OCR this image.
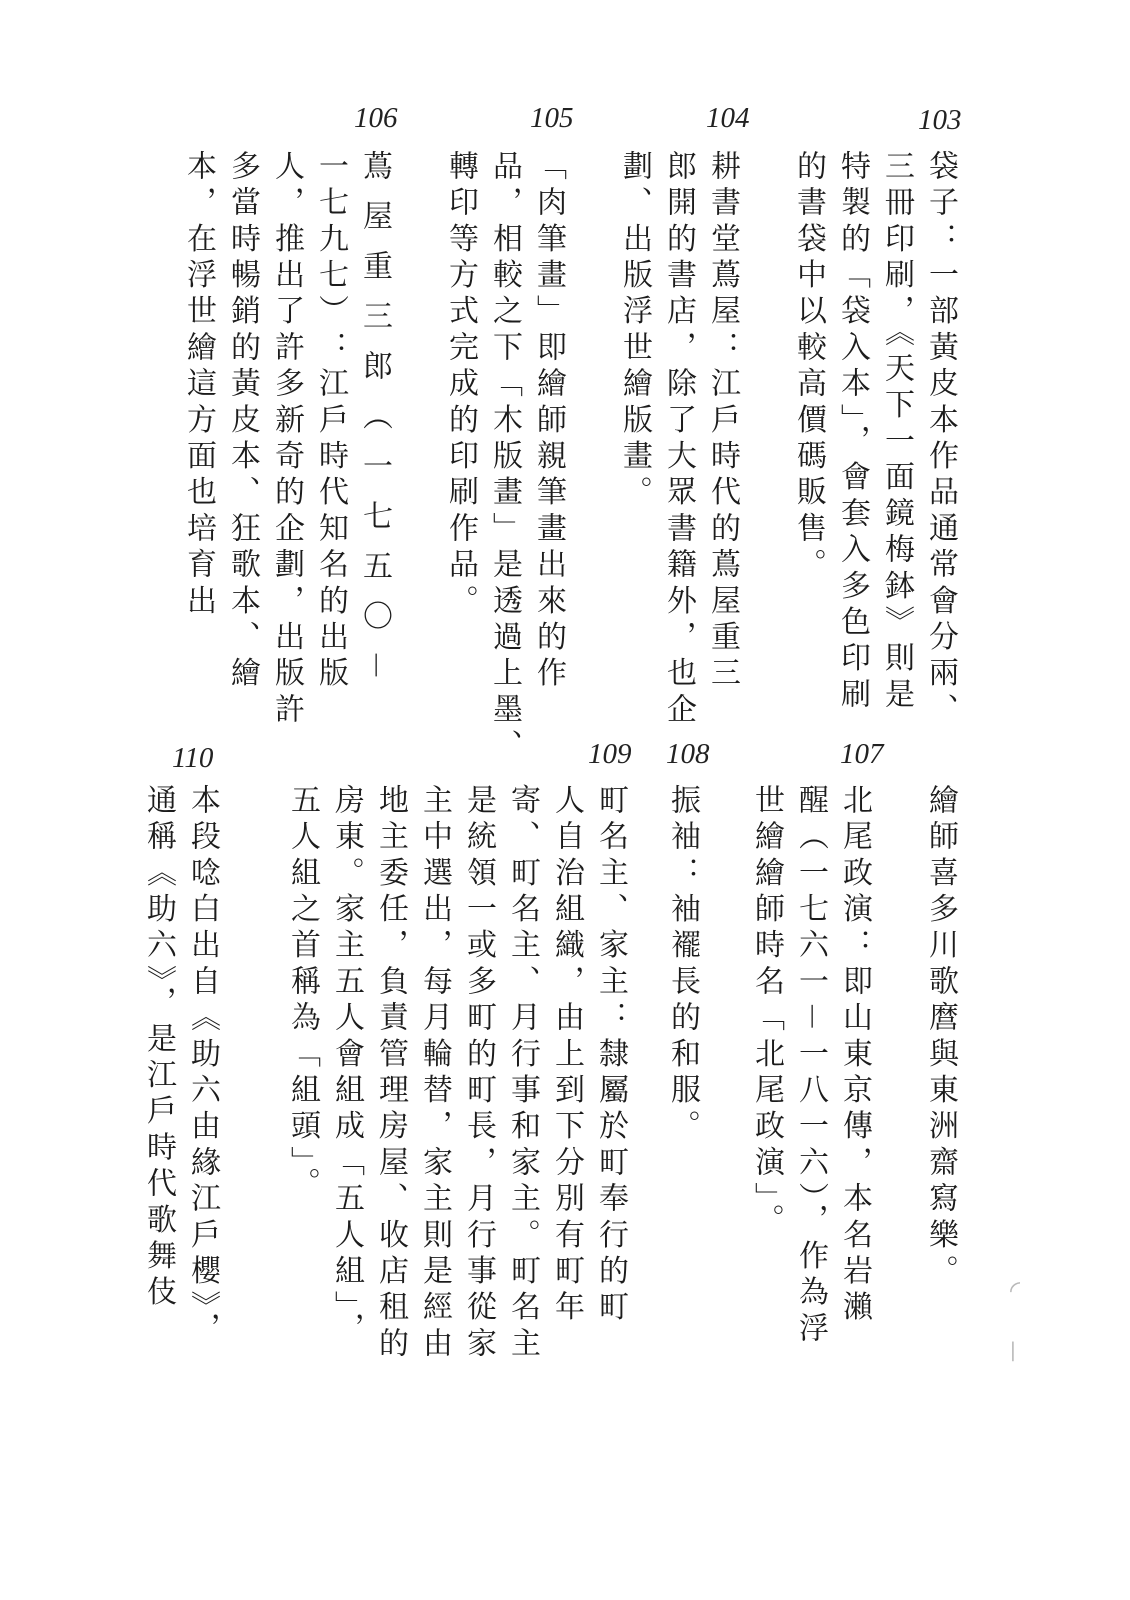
103
104
105
106
袋子：一部黃皮本作品通常會分兩、
三冊印刷，《天下一面鏡梅鉢》則是
特製的「袋入本」，會套入多色印刷
的書袋中以較高價碼販售。
耕書堂蔦屋：江戶時代的蔦屋重三
郎開的書店，除了大眾書籍外，也企
劃、出版浮世繪版畫。
「肉筆畫」即繪師親筆畫出來的作
品，相較之下「木版畫」是透過上墨、
轉印等方式完成的印刷作品。
蔦屋重三郎（一七五〇－
一七九七）：江戶時代知名的出版
人，推出了許多新奇的企劃，出版許
多當時暢銷的黃皮本、狂歌本、繪
本，在浮世繪這方面也培育出
107
108
109
110
繪師喜多川歌麿與東洲齋寫樂。
北尾政演：即山東京傳，本名岩瀨
醒（一七六一－一八一六），作為浮
世繪繪師時名「北尾政演」。
振袖：袖襬長的和服。
町名主、家主：隸屬於町奉行的町
人自治組織，由上到下分別有町年
寄、町名主、月行事和家主。町名主
是統領一或多町的町長，月行事從家
主中選出，每月輪替，家主則是經由
地主委任，負責管理房屋、收店租的
房東。家主五人會組成「五人組」，
五人組之首稱為「組頭」。
本段唸白出自《助六由緣江戶櫻》，
通稱《助六》，是江戶時代歌舞伎	◜
∣
